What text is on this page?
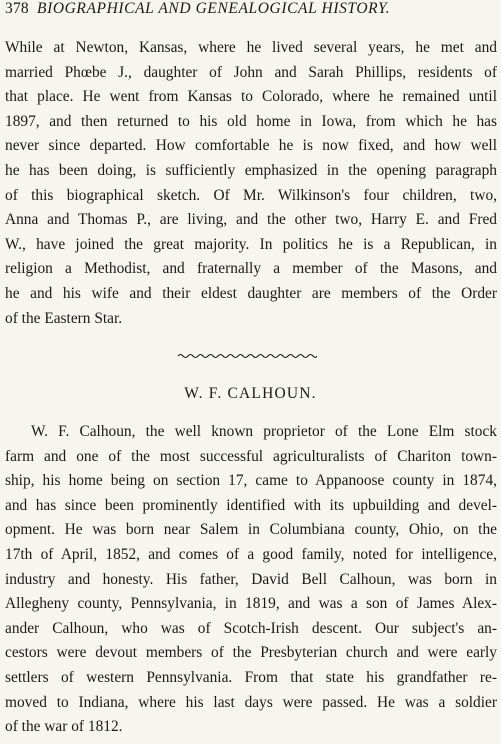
378 BIOGRAPHICAL AND GENEALOGICAL HISTORY.
While at Newton, Kansas, where he lived several years, he met and
married Phœbe J., daughter of John and Sarah Phillips, residents of
that place. He went from Kansas to Colorado, where he remained until
1897, and then returned to his old home in Iowa, from which he has
never since departed. How comfortable he is now fixed, and how well
he has been doing, is sufficiently emphasized in the opening paragraph
of this biographical sketch. Of Mr. Wilkinson's four children, two,
Anna and Thomas P., are living, and the other two, Harry E. and Fred
W., have joined the great majority. In politics he is a Republican, in
religion a Methodist, and fraternally a member of the Masons, and
he and his wife and their eldest daughter are members of the Order
of the Eastern Star.
W. F. CALHOUN.
W. F. Calhoun, the well known proprietor of the Lone Elm stock
farm and one of the most successful agriculturalists of Chariton town-
ship, his home being on section 17, came to Appanoose county in 1874,
and has since been prominently identified with its upbuilding and devel-
opment. He was born near Salem in Columbiana county, Ohio, on the
17th of April, 1852, and comes of a good family, noted for intelligence,
industry and honesty. His father, David Bell Calhoun, was born in
Allegheny county, Pennsylvania, in 1819, and was a son of James Alex-
ander Calhoun, who was of Scotch-Irish descent. Our subject's an-
cestors were devout members of the Presbyterian church and were early
settlers of western Pennsylvania. From that state his grandfather re-
moved to Indiana, where his last days were passed. He was a soldier
of the war of 1812.
